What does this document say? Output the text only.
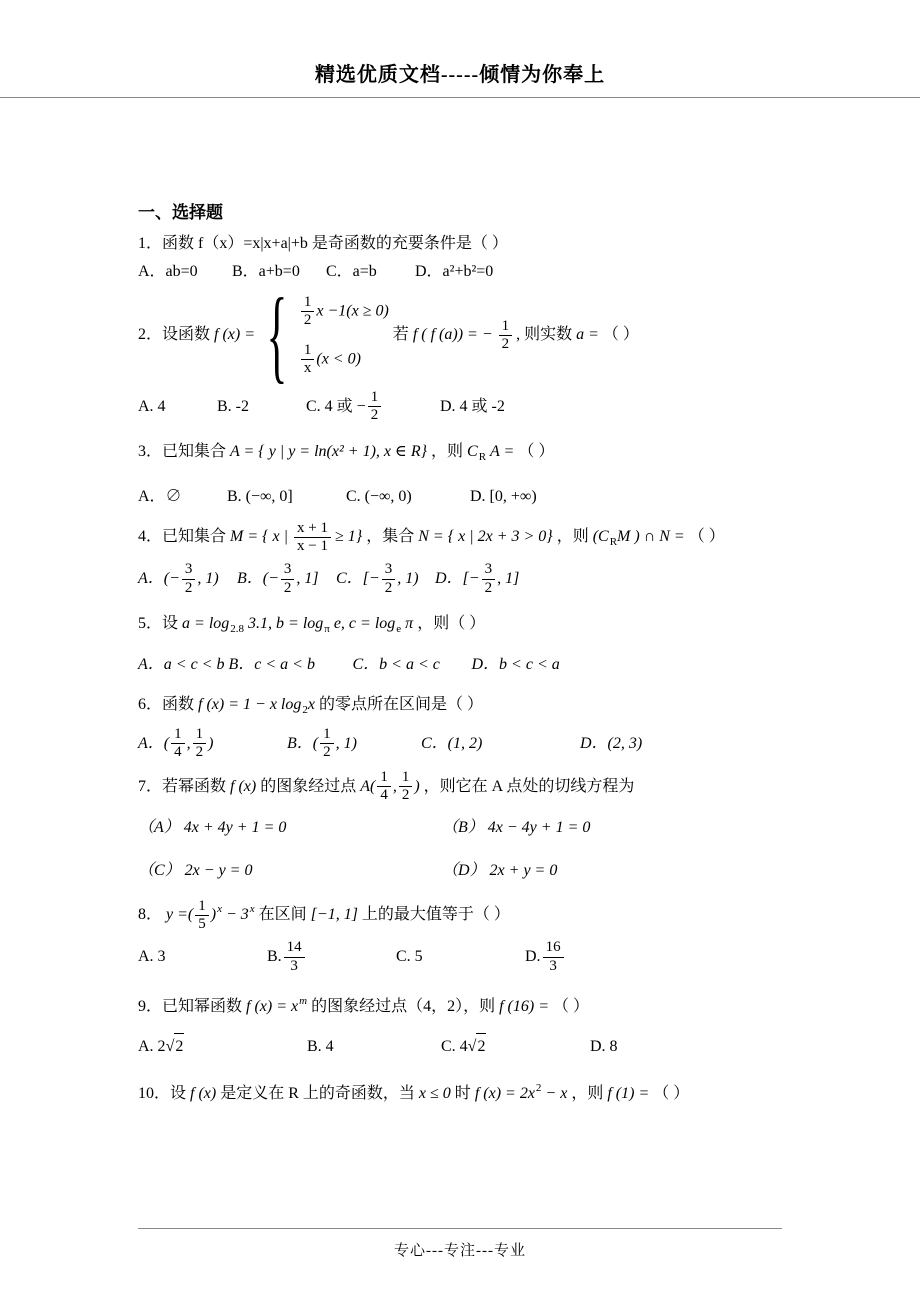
精选优质文档-----倾情为你奉上
一、选择题
1．函数 f（x）=x|x+a|+b 是奇函数的充要条件是（ ）
A．ab=0	B．a+b=0	C．a=b	D．a²+b²=0
2．设函数 f (x) = { $\frac{1}{2}$ x −1(x ≥ 0)
$\frac{1}{x} (x < 0)$
若 f ( f (a)) = − $\frac{1}{2}$ , 则实数 a = （ ）
A. 4	B. -2	C. 4 或 − $\frac{1}{2}$	D. 4 或 -2
3．已知集合 A = { y | y = ln(x² + 1), x ∈ R} ，则 $C_R$ A = （ ）
A．∅	B. (−∞, 0]	C. (−∞, 0)	D. [0, +∞)
4．已知集合 M = { x | $\frac{x + 1}{x - 1} \ge 1$} ，集合 N = { x | 2x + 3 > 0} ，则 ($C_RM$ ) ∩ N = （ ）
A．(− $\frac{3}{2}$ , 1) B．(− $\frac{3}{2}$ , 1] C．[− $\frac{3}{2}$ , 1) D．[− $\frac{3}{2}$ , 1]
5．设 $a = \log_{2.8} 3.1$, $b = \log_\pi e$, $c = \log_e \pi$ ，则（ ）
A．a < c < b B．c < a < b	C．b < a < c	D．b < c < a
6．函数 f (x) = 1 − x $\log_2x$ 的零点所在区间是（ ）
A．( $\frac{1}{4}$ , $\frac{1}{2}$ )	B．( $\frac{1}{2}$ , 1)	C．(1, 2)	D．(2, 3)
7．若幂函数 f (x) 的图象经过点 $A( \frac{1}{4}$ , $\frac{1}{2}$ ) ，则它在 A 点处的切线方程为
（A） 4x + 4y + 1 = 0	（B） 4x − 4y + 1 = 0
（C） 2x − y = 0	（D） 2x + y = 0
8． y =( $\frac{1}{5} )^x - 3^x$ 在区间 [−1, 1] 上的最大值等于（ ）
A. 3	B. $\frac{14}{3}$	C. 5	D. $\frac{16}{3}$
9．已知幂函数 f $(x) = x^m$ 的图象经过点（4，2），则 f (16) = （ ）
A. 2 √ 2	B. 4	C. 4 √ 2	D. 8
10．设 f (x) 是定义在 R 上的奇函数，当 x ≤ 0 时 f $(x) = 2x^2 - x$ ，则 f (1) = （ ）
专心---专注---专业
